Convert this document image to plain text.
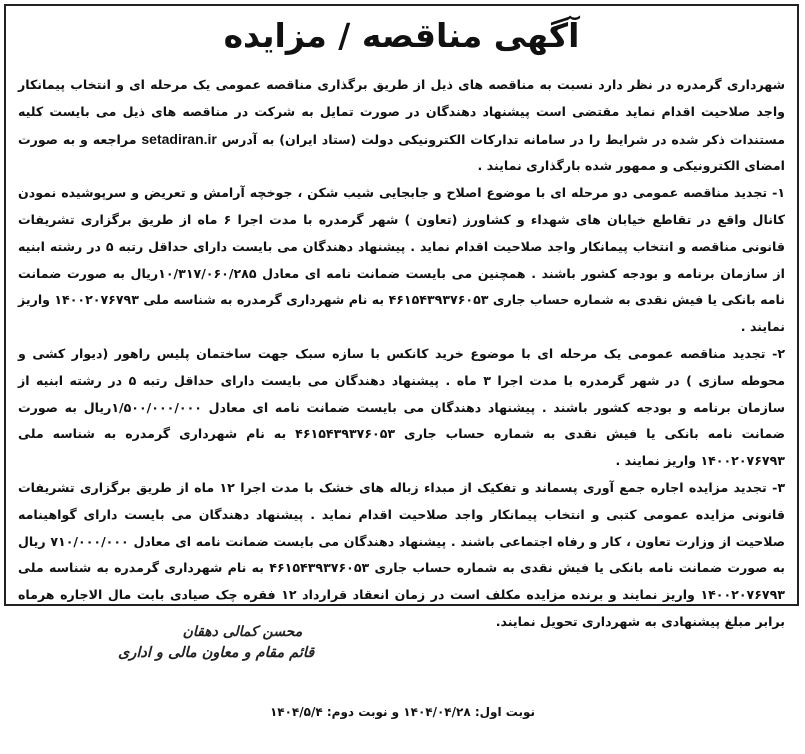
آگهی مناقصه / مزایده

شهرداری گرمدره در نظر دارد نسبت به مناقصه های ذیل از طریق برگذاری مناقصه عمومی یک مرحله ای و انتخاب پیمانکار واجد صلاحیت اقدام نماید مقتضی است پیشنهاد دهندگان در صورت تمایل به شرکت در مناقصه های ذیل می بایست کلیه مستندات ذکر شده در شرایط را در سامانه تدارکات الکترونیکی دولت (ستاد ایران) به آدرس setadiran.ir مراجعه و به صورت امضای الکترونیکی و ممهور شده بارگذاری نمایند .

۱- تجدید مناقصه عمومی دو مرحله ای با موضوع اصلاح و جابجایی شیب شکن ، جوخچه آرامش و تعریض و سرپوشیده نمودن کانال واقع در تقاطع خیابان های شهداء و کشاورز (تعاون ) شهر گرمدره با مدت اجرا ۶ ماه از طریق برگزاری تشریفات قانونی مناقصه و انتخاب پیمانکار واجد صلاحیت اقدام نماید . پیشنهاد دهندگان می بایست دارای حداقل رتبه ۵ در رشته ابنیه از سازمان برنامه و بودجه کشور باشند . همچنین می بایست ضمانت نامه ای معادل ۱۰/۳۱۷/۰۶۰/۲۸۵ریال به صورت ضمانت نامه بانکی یا فیش نقدی به شماره حساب جاری ۴۶۱۵۴۳۹۳۷۶۰۵۳ به نام شهرداری گرمدره به شناسه ملی ۱۴۰۰۲۰۷۶۷۹۳ واریز نمایند .

۲- تجدید مناقصه عمومی یک مرحله ای با موضوع خرید کانکس با سازه سبک جهت ساختمان پلیس راهور (دیوار کشی و محوطه سازی ) در شهر گرمدره با مدت اجرا ۳ ماه . پیشنهاد دهندگان می بایست دارای حداقل رتبه ۵ در رشته ابنیه از سازمان برنامه و بودجه کشور باشند . پیشنهاد دهندگان می بایست ضمانت نامه ای معادل ۱/۵۰۰/۰۰۰/۰۰۰ریال به صورت ضمانت نامه بانکی یا فیش نقدی به شماره حساب جاری ۴۶۱۵۴۳۹۳۷۶۰۵۳ به نام شهرداری گرمدره به شناسه ملی ۱۴۰۰۲۰۷۶۷۹۳ واریز نمایند .

۳- تجدید مزایده اجاره جمع آوری پسماند و تفکیک از مبداء زباله های خشک با مدت اجرا ۱۲ ماه از طریق برگزاری تشریفات قانونی مزایده عمومی کتبی و انتخاب پیمانکار واجد صلاحیت اقدام نماید . پیشنهاد دهندگان می بایست دارای گواهینامه صلاحیت از وزارت تعاون ، کار و رفاه اجتماعی باشند . پیشنهاد دهندگان می بایست ضمانت نامه ای معادل ۷۱۰/۰۰۰/۰۰۰ ریال به صورت ضمانت نامه بانکی یا فیش نقدی به شماره حساب جاری ۴۶۱۵۴۳۹۳۷۶۰۵۳ به نام شهرداری گرمدره به شناسه ملی ۱۴۰۰۲۰۷۶۷۹۳ واریز نمایند و برنده مزایده مکلف است در زمان انعقاد قرارداد ۱۲ فقره چک صیادی بابت مال الاجاره هرماه برابر مبلغ پیشنهادی به شهرداری تحویل نمایند.

محسن کمالی دهقان
قائم مقام و معاون مالی و اداری
نوبت اول: ۱۴۰۴/۰۴/۲۸ و نوبت دوم: ۱۴۰۴/۵/۴
